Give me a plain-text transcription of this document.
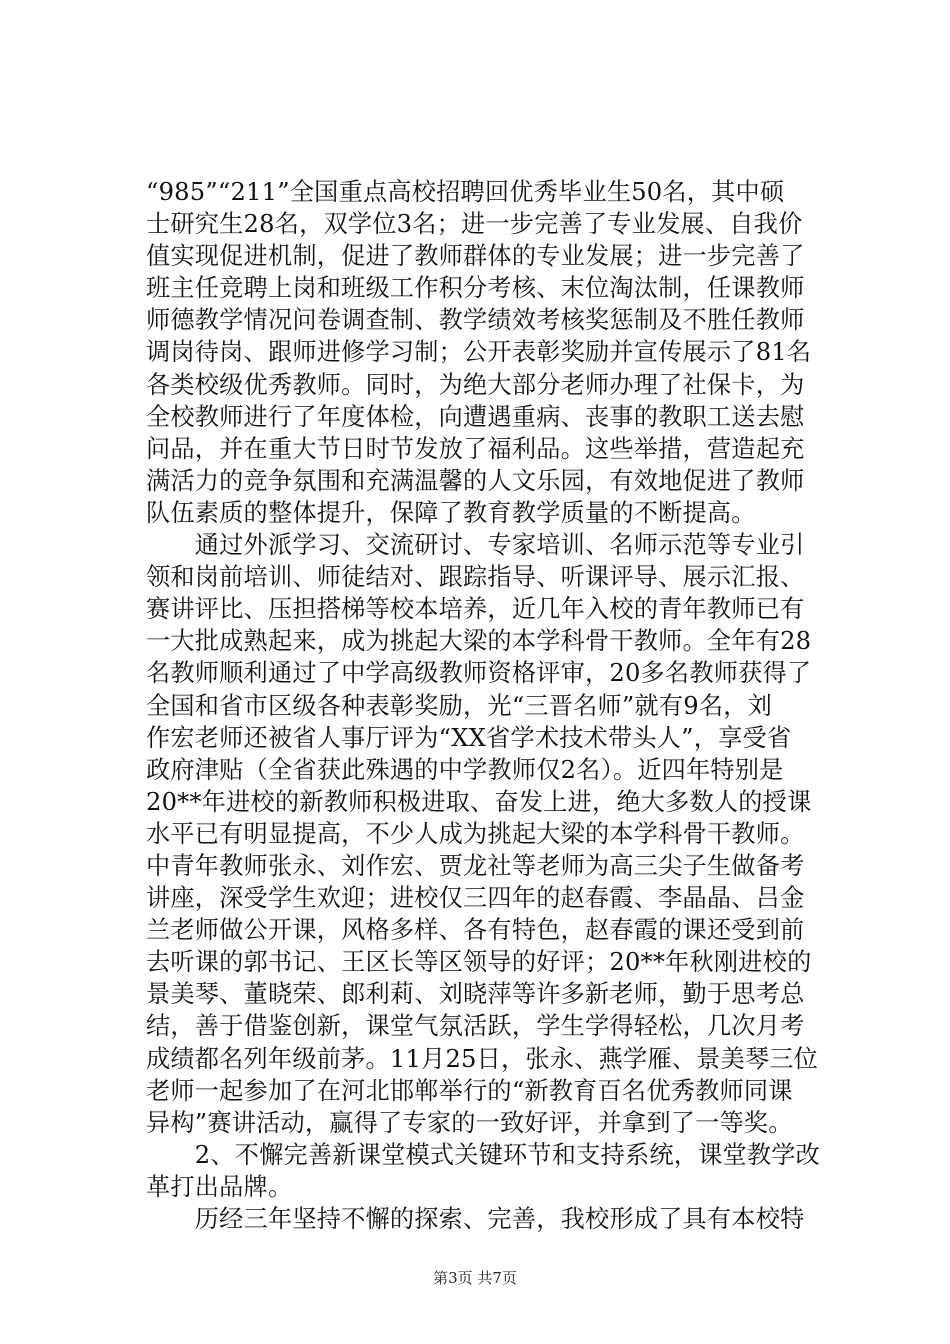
“985”“211”全国重点高校招聘回优秀毕业生50名，其中硕
士研究生28名，双学位3名；进一步完善了专业发展、自我价
值实现促进机制，促进了教师群体的专业发展；进一步完善了
班主任竞聘上岗和班级工作积分考核、末位淘汰制，任课教师
师德教学情况问卷调查制、教学绩效考核奖惩制及不胜任教师
调岗待岗、跟师进修学习制；公开表彰奖励并宣传展示了81名
各类校级优秀教师。同时，为绝大部分老师办理了社保卡，为
全校教师进行了年度体检，向遭遇重病、丧事的教职工送去慰
问品，并在重大节日时节发放了福利品。这些举措，营造起充
满活力的竞争氛围和充满温馨的人文乐园，有效地促进了教师
队伍素质的整体提升，保障了教育教学质量的不断提高。
　　通过外派学习、交流研讨、专家培训、名师示范等专业引
领和岗前培训、师徒结对、跟踪指导、听课评导、展示汇报、
赛讲评比、压担搭梯等校本培养，近几年入校的青年教师已有
一大批成熟起来，成为挑起大梁的本学科骨干教师。全年有28
名教师顺利通过了中学高级教师资格评审，20多名教师获得了
全国和省市区级各种表彰奖励，光“三晋名师”就有9名，刘
作宏老师还被省人事厅评为“XX省学术技术带头人”，享受省
政府津贴（全省获此殊遇的中学教师仅2名）。近四年特别是
20**年进校的新教师积极进取、奋发上进，绝大多数人的授课
水平已有明显提高，不少人成为挑起大梁的本学科骨干教师。
中青年教师张永、刘作宏、贾龙社等老师为高三尖子生做备考
讲座，深受学生欢迎；进校仅三四年的赵春霞、李晶晶、吕金
兰老师做公开课，风格多样、各有特色，赵春霞的课还受到前
去听课的郭书记、王区长等区领导的好评；20**年秋刚进校的
景美琴、董晓荣、郎利莉、刘晓萍等许多新老师，勤于思考总
结，善于借鉴创新，课堂气氛活跃，学生学得轻松，几次月考
成绩都名列年级前茅。11月25日，张永、燕学雁、景美琴三位
老师一起参加了在河北邯郸举行的“新教育百名优秀教师同课
异构”赛讲活动，赢得了专家的一致好评，并拿到了一等奖。
　　2、不懈完善新课堂模式关键环节和支持系统，课堂教学改
革打出品牌。
　　历经三年坚持不懈的探索、完善，我校形成了具有本校特
第3页 共7页
